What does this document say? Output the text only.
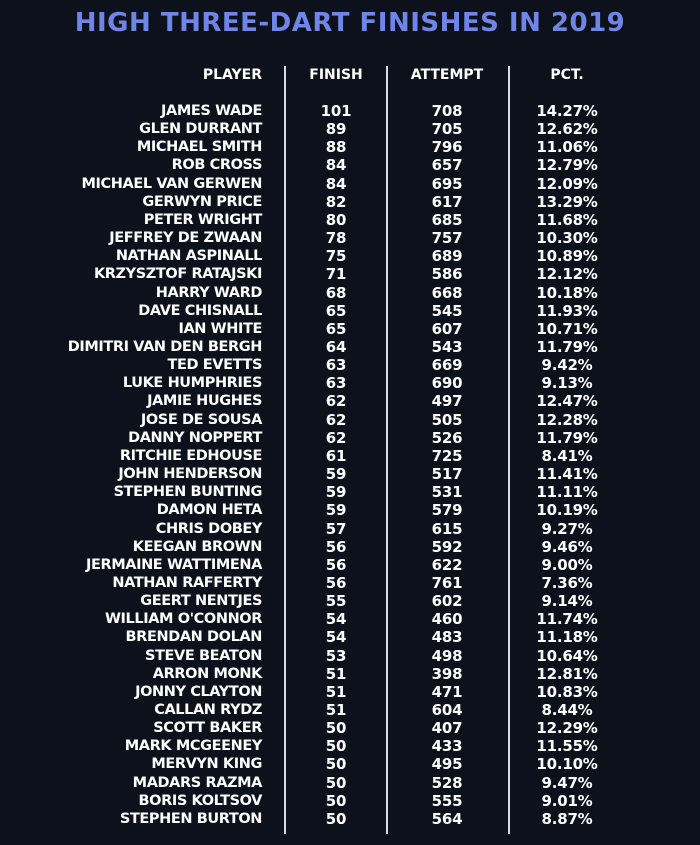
HIGH THREE-DART FINISHES IN 2019
PLAYER	FINISH	ATTEMPT	PCT.
JAMES WADE	101	708	14.27%
GLEN DURRANT	89	705	12.62%
MICHAEL SMITH	88	796	11.06%
ROB CROSS	84	657	12.79%
MICHAEL VAN GERWEN	84	695	12.09%
GERWYN PRICE	82	617	13.29%
PETER WRIGHT	80	685	11.68%
JEFFREY DE ZWAAN	78	757	10.30%
NATHAN ASPINALL	75	689	10.89%
KRZYSZTOF RATAJSKI	71	586	12.12%
HARRY WARD	68	668	10.18%
DAVE CHISNALL	65	545	11.93%
IAN WHITE	65	607	10.71%
DIMITRI VAN DEN BERGH	64	543	11.79%
TED EVETTS	63	669	9.42%
LUKE HUMPHRIES	63	690	9.13%
JAMIE HUGHES	62	497	12.47%
JOSE DE SOUSA	62	505	12.28%
DANNY NOPPERT	62	526	11.79%
RITCHIE EDHOUSE	61	725	8.41%
JOHN HENDERSON	59	517	11.41%
STEPHEN BUNTING	59	531	11.11%
DAMON HETA	59	579	10.19%
CHRIS DOBEY	57	615	9.27%
KEEGAN BROWN	56	592	9.46%
JERMAINE WATTIMENA	56	622	9.00%
NATHAN RAFFERTY	56	761	7.36%
GEERT NENTJES	55	602	9.14%
WILLIAM O'CONNOR	54	460	11.74%
BRENDAN DOLAN	54	483	11.18%
STEVE BEATON	53	498	10.64%
ARRON MONK	51	398	12.81%
JONNY CLAYTON	51	471	10.83%
CALLAN RYDZ	51	604	8.44%
SCOTT BAKER	50	407	12.29%
MARK MCGEENEY	50	433	11.55%
MERVYN KING	50	495	10.10%
MADARS RAZMA	50	528	9.47%
BORIS KOLTSOV	50	555	9.01%
STEPHEN BURTON	50	564	8.87%
